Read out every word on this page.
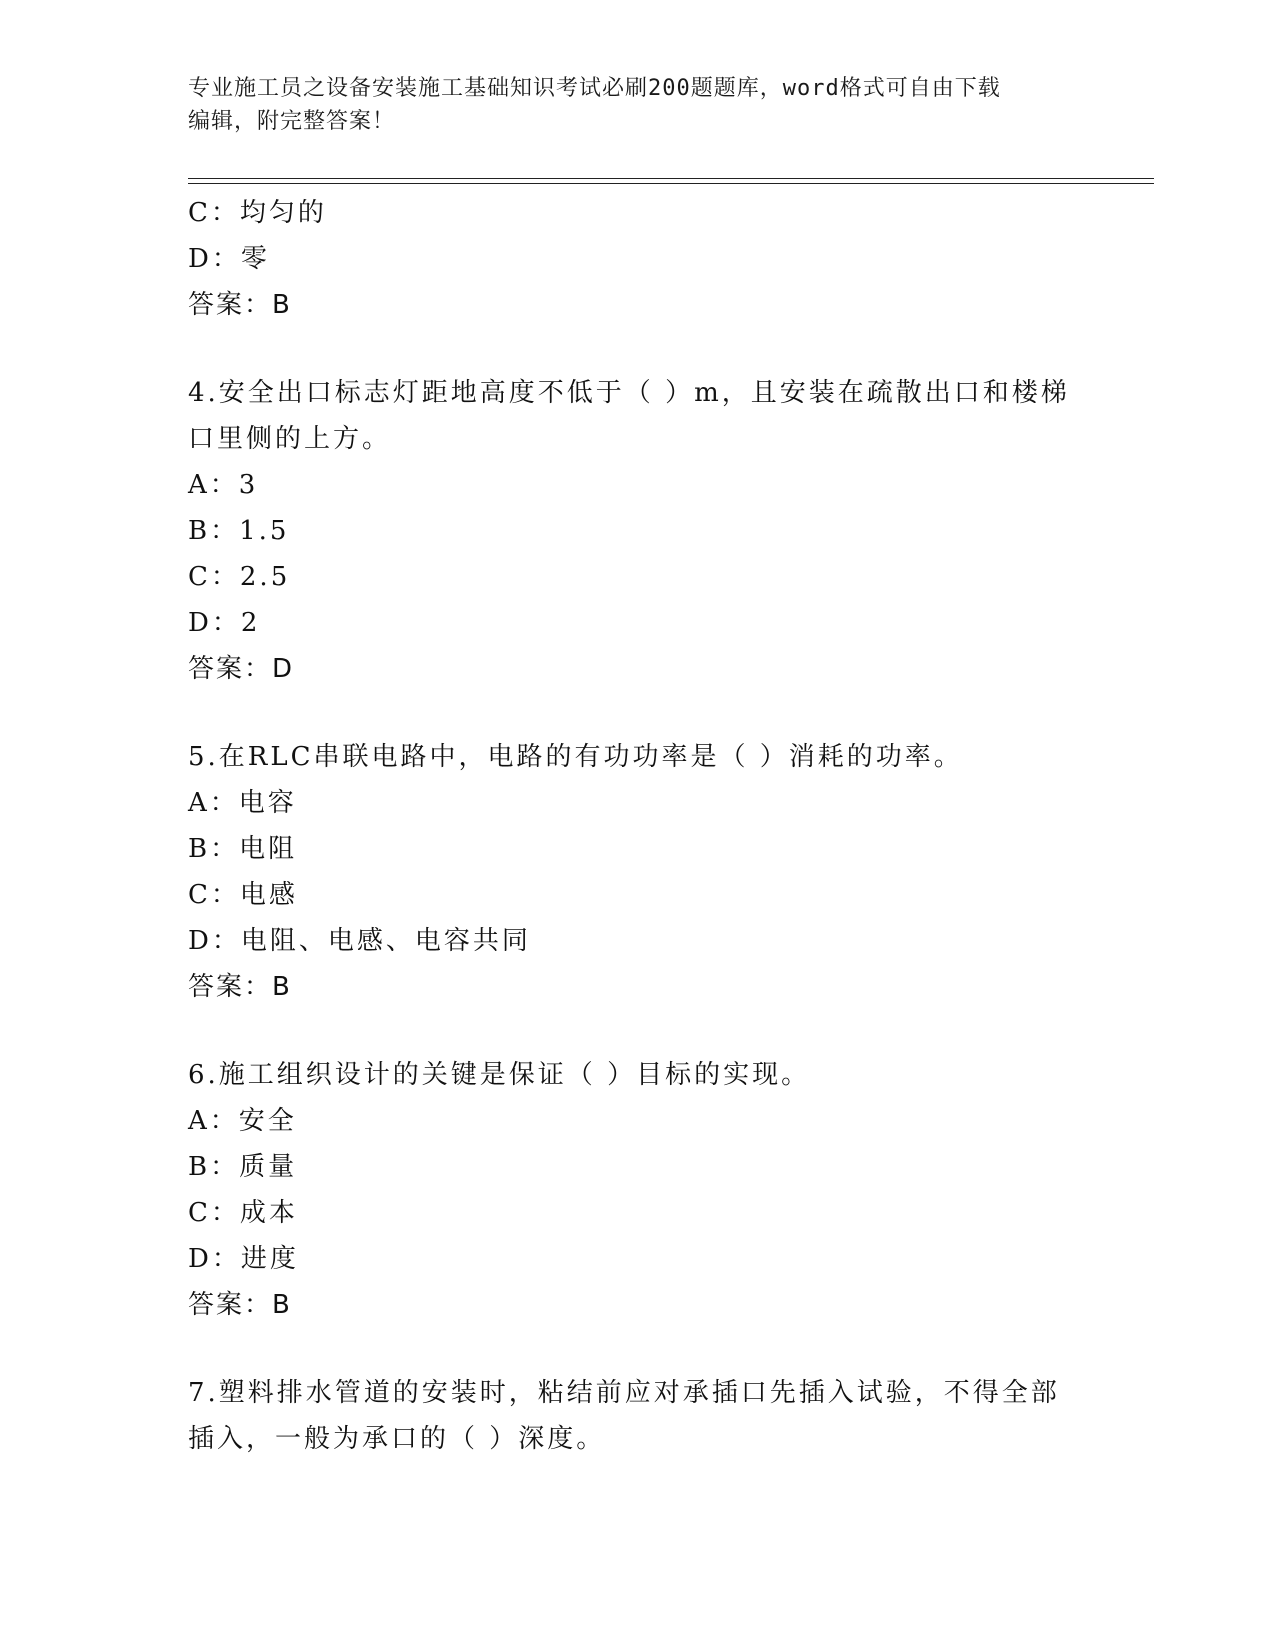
专业施工员之设备安装施工基础知识考试必刷200题题库，word格式可自由下载
编辑，附完整答案！
C：均匀的
D：零
答案：B
4.安全出口标志灯距地高度不低于（ ）m，且安装在疏散出口和楼梯
口里侧的上方。
A：3
B：1.5
C：2.5
D：2
答案：D
5.在RLC串联电路中，电路的有功功率是（ ）消耗的功率。
A：电容
B：电阻
C：电感
D：电阻、电感、电容共同
答案：B
6.施工组织设计的关键是保证（ ）目标的实现。
A：安全
B：质量
C：成本
D：进度
答案：B
7.塑料排水管道的安装时，粘结前应对承插口先插入试验，不得全部
插入，一般为承口的（ ）深度。
